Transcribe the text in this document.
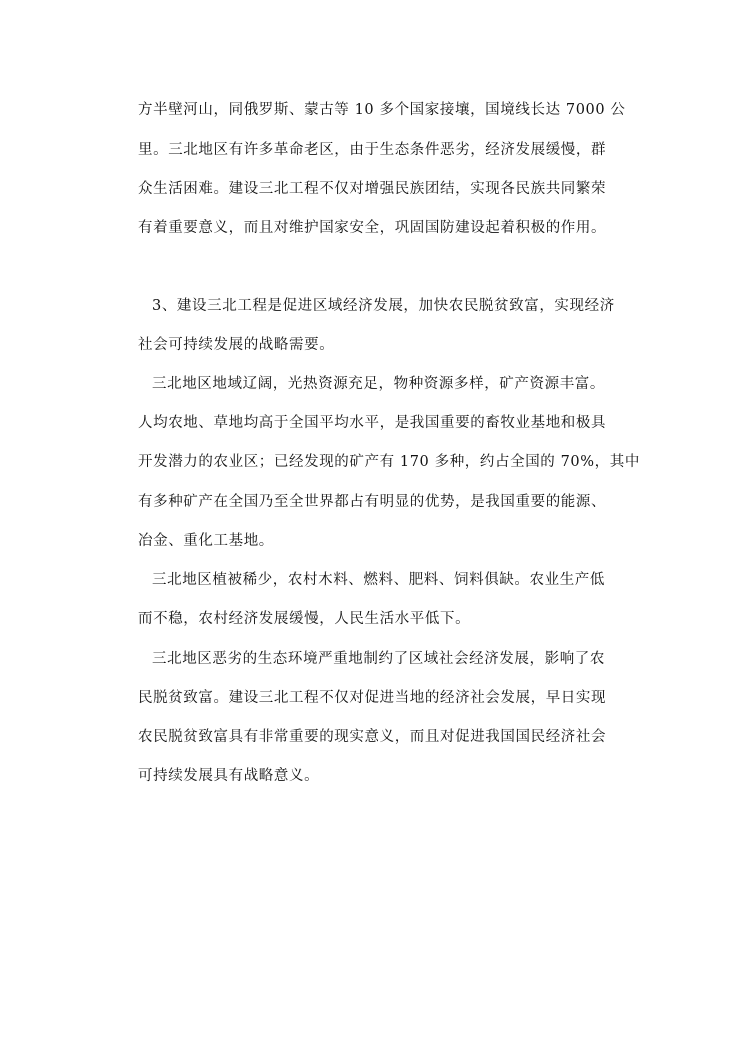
方半壁河山，同俄罗斯、蒙古等 10 多个国家接壤，国境线长达 7000 公
里。三北地区有许多革命老区，由于生态条件恶劣，经济发展缓慢，群
众生活困难。建设三北工程不仅对增强民族团结，实现各民族共同繁荣
有着重要意义，而且对维护国家安全，巩固国防建设起着积极的作用。
3、建设三北工程是促进区域经济发展，加快农民脱贫致富，实现经济
社会可持续发展的战略需要。
三北地区地域辽阔，光热资源充足，物种资源多样，矿产资源丰富。
人均农地、草地均高于全国平均水平，是我国重要的畜牧业基地和极具
开发潜力的农业区；已经发现的矿产有 170 多种，约占全国的 70%，其中
有多种矿产在全国乃至全世界都占有明显的优势，是我国重要的能源、
冶金、重化工基地。
三北地区植被稀少，农村木料、燃料、肥料、饲料俱缺。农业生产低
而不稳，农村经济发展缓慢，人民生活水平低下。
三北地区恶劣的生态环境严重地制约了区域社会经济发展，影响了农
民脱贫致富。建设三北工程不仅对促进当地的经济社会发展，早日实现
农民脱贫致富具有非常重要的现实意义，而且对促进我国国民经济社会
可持续发展具有战略意义。
